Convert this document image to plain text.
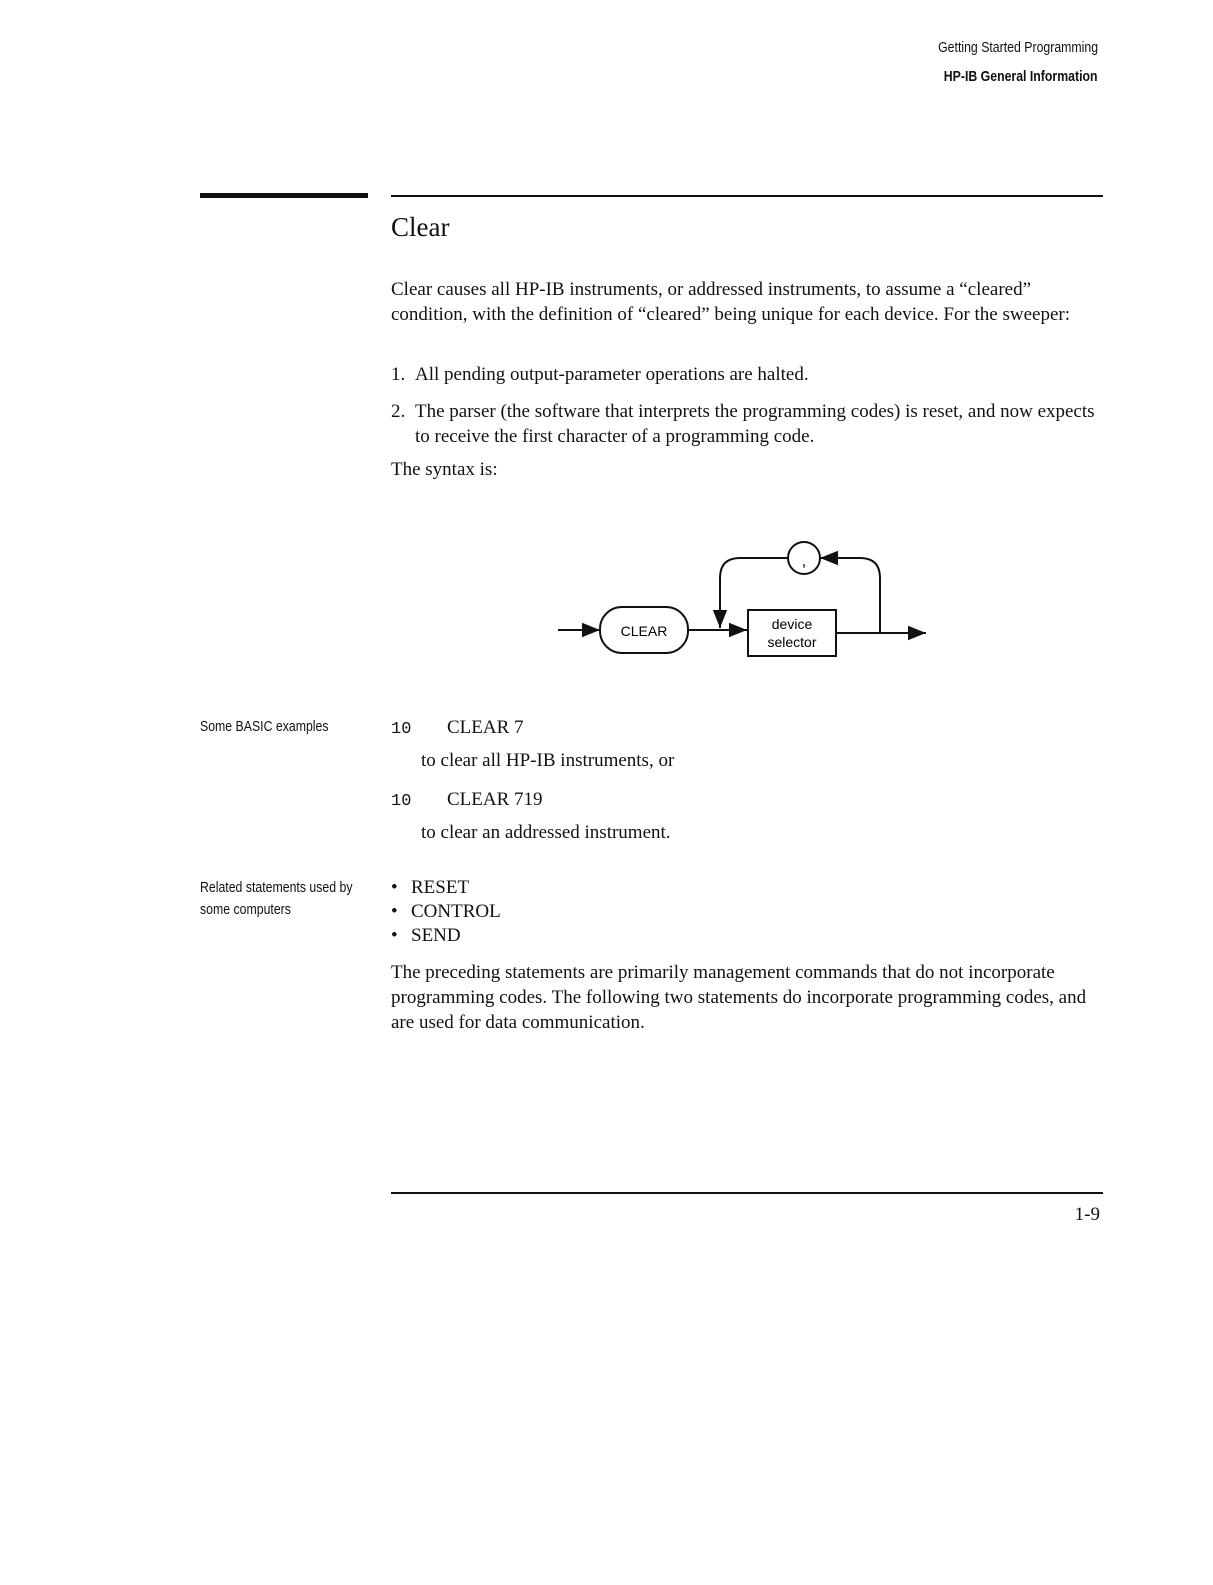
Getting Started Programming
HP-IB General Information
Clear

Clear causes all HP-IB instruments, or addressed instruments, to assume a “cleared” condition, with the definition of “cleared” being unique for each device. For the sweeper:

1. All pending output-parameter operations are halted.
2. The parser (the software that interprets the programming codes) is reset, and now expects to receive the first character of a programming code.

The syntax is:

CLEAR	device
selector
,
Some BASIC examples	10 CLEAR 7
to clear all HP-IB instruments, or
10 CLEAR 719
to clear an addressed instrument.
Related statements used by some computers
• RESET
• CONTROL
• SEND

The preceding statements are primarily management commands that do not incorporate programming codes. The following two statements do incorporate programming codes, and are used for data communication.

1-9
